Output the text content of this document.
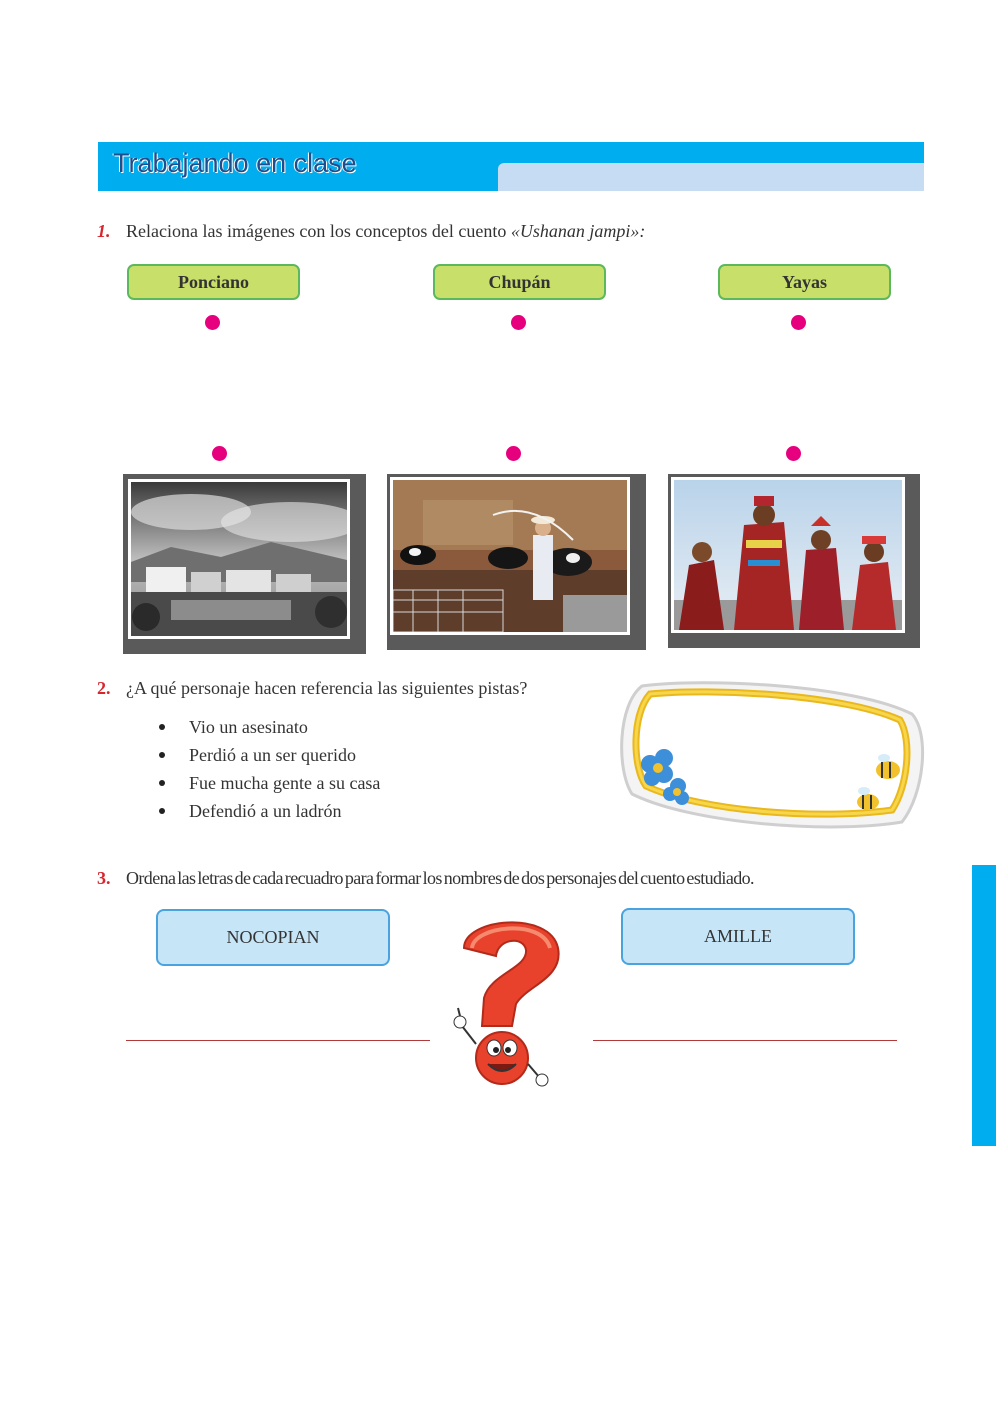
Trabajando en clase
1. Relaciona las imágenes con los conceptos del cuento «Ushanan jampi»:
Ponciano	Chupán	Yayas
2. ¿A qué personaje hacen referencia las siguientes pistas?
Vio un asesinato
Perdió a un ser querido
Fue mucha gente a su casa
Defendió a un ladrón
3. Ordena las letras de cada recuadro para formar los nombres de dos personajes del cuento estudiado.
NOCOPIAN	AMILLE
